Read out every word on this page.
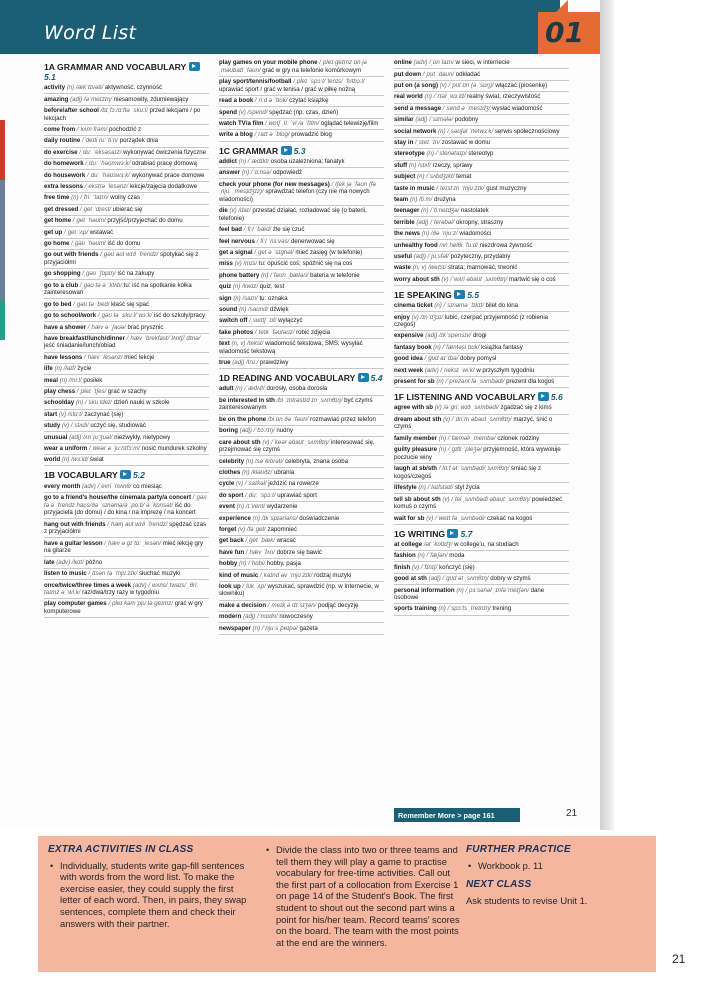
Word List	01
1A GRAMMAR AND VOCABULARY 5.1
activity (n) /ækˈtɪvəti/ aktywność; czynność
amazing (adj) /əˈmeɪzɪŋ/ niesamowity, zdumiewający
before/after school /bɪˌfɔː/ɑːftə ˈskuːl/ przed lekcjami / po lekcjach
come from /ˈkʌm frəm/ pochodzić z
daily routine /ˈdeɪli ruːˈtiːn/ porządek dnia
do exercise /ˌduː ˈeksəsaɪz/ wykonywać ćwiczenia fizyczne
do homework /ˌduː ˈhəʊmwɜːk/ odrabiać pracę domową
do housework /ˌduː ˈhaʊswɜːk/ wykonywać prace domowe
extra lessons /ˌekstrə ˈlesənz/ lekcje/zajęcia dodatkowe
free time (n) /ˌfriː ˈtaɪm/ wolny czas
get dressed /ˌget ˈdrest/ ubierać się
get home /ˌget ˈhəʊm/ przyjść/przyjechać do domu
get up /ˌget ˈʌp/ wstawać
go home /ˌgəʊ ˈhəʊm/ iść do domu
go out with friends /ˌgəʊ aʊt wɪð ˈfrendz/ spotykać się z przyjaciółmi
go shopping /ˌgəʊ ˈʃɒpɪŋ/ iść na zakupy
go to a club /ˌgəʊ tə ə ˈklʌb/ tu: iść na spotkanie kółka zainteresowań
go to bed /ˌgəʊ tə ˈbed/ kłaść się spać
go to school/work /ˌgəʊ tə ˈskuːl/ˈwɜːk/ iść do szkoły/pracy
have a shower /ˌhæv ə ˈʃaʊə/ brać prysznic
have breakfast/lunch/dinner /ˌhæv ˈbrekfəst/ˈlʌntʃ/ˈdɪnə/ jeść śniadanie/lunch/obiad
have lessons /ˌhæv ˈlesənz/ mieć lekcje
life (n) /laɪf/ życie
meal (n) /miːl/ posiłek
play chess /ˌpleɪ ˈtʃes/ grać w szachy
schoolday (n) /ˈskuːldeɪ/ dzień nauki w szkole
start (v) /stɑːt/ zaczynać (się)
study (v) /ˈstʌdi/ uczyć się, studiować
unusual (adj) /ʌnˈjuːʒuəl/ niezwykły, nietypowy
wear a uniform /ˌweər ə ˈjuːnɪfɔːm/ nosić mundurek szkolny
world (n) /wɜːld/ świat
1B VOCABULARY 5.2
every month (adv) /ˌevri ˈmʌnθ/ co miesiąc
go to a friend's house/the cinema/a party/a concert /ˌgəʊ tə ə ˈfrendz haʊs/ðə ˈsɪnəmə/ə ˈpɑːti/ ə ˈkɒnsət/ iść do przyjaciela (do domu) / do kina / na imprezę / na koncert
hang out with friends /ˌhæŋ aʊt wɪð ˈfrendz/ spędzać czas z przyjaciółmi
have a guitar lesson /ˌhæv ə gɪˈtɑː ˌlesən/ mieć lekcję gry na gitarze
late (adv) /leɪt/ późno
listen to music /ˌlɪsən tə ˈmjuːzɪk/ słuchać muzyki
once/twice/three times a week (adv) /ˌwʌns/ˌtwaɪs/ ˌθriː taɪmz ə ˈwiːk/ raz/dwa/trzy razy w tygodniu
play computer games /ˌpleɪ kəmˈpjuːtə geɪmz/ grać w gry komputerowe
play games on your mobile phone /ˌpleɪ geɪmz ɒn jə ˌməʊbaɪl ˈfəʊn/ grać w gry na telefonie komórkowym
play sport/tennis/football /ˌpleɪ ˈspɔːt/ˈtenɪs/ ˈfʊtbɔːl/ uprawiać sport / grać w tenisa / grać w piłkę nożną
read a book /ˌriːd ə ˈbʊk/ czytać książkę
spend (v) /spend/ spędzać (np. czas, dzień)
watch TV/a film /ˌwɒtʃ ˌtiː ˈviː/ə ˈfɪlm/ oglądać telewizję/film
write a blog /ˌraɪt ə ˈblɒg/ prowadzić blog
1C GRAMMAR 5.3
addict (n) /ˈædɪkt/ osoba uzależniona; fanatyk
answer (n) /ˈɑːnsə/ odpowiedź
check your phone (for new messages) /ˌtʃek jə ˈfəʊn (fə ˌnjuː ˈmesɪdʒɪz)/ sprawdzać telefon (czy nie ma nowych wiadomości)
die (v) /daɪ/ przestać działać, rozładować się (o baterii, telefonie)
feel bad /ˌfiːl ˈbæd/ źle się czuć
feel nervous /ˌfiːl ˈnɜːvəs/ denerwować się
get a signal /ˌget ə ˈsɪgnəl/ mieć zasięg (w telefonie)
miss (v) /mɪs/ tu: opuścić coś; spóźnić się na coś
phone battery (n) /ˈfəʊn ˌbætəri/ bateria w telefonie
quiz (n) /kwɪz/ quiz, test
sign (n) /saɪn/ tu: oznaka
sound (n) /saʊnd/ dźwięk
switch off /ˌswɪtʃ ˈɒf/ wyłączyć
take photos /ˌteɪk ˈfəʊtəʊz/ robić zdjęcia
text (n, v) /tekst/ wiadomość tekstowa, SMS; wysyłać wiadomość tekstową
true (adj) /truː/ prawdziwy
1D READING AND VOCABULARY 5.4
adult (n) /ˈædʌlt/ dorosły, osoba dorosła
be interested in sth /bi ˈɪntrəstɪd ɪn ˌsʌmθɪŋ/ być czymś zainteresowanym
be on the phone /bi ɒn ðə ˈfəʊn/ rozmawiać przez telefon
boring (adj) /ˈbɔːrɪŋ/ nudny
care about sth (v) /ˈkeər əbaʊt ˌsʌmθɪŋ/ interesować się, przejmować się czymś
celebrity (n) /səˈlebrəti/ celebryta, znana osoba
clothes (n) /kləʊðz/ ubrania
cycle (v) /ˈsaɪkəl/ jeździć na rowerze
do sport /ˌduː ˈspɔːt/ uprawiać sport
event (n) /ɪˈvent/ wydarzenie
experience (n) /ɪkˈspɪəriəns/ doświadczenie
forget (v) /fəˈget/ zapomnieć
get back /ˌget ˈbæk/ wracać
have fun /ˌhæv ˈfʌn/ dobrze się bawić
hobby (n) /ˈhɒbi/ hobby, pasja
kind of music /ˌkaɪnd əv ˈmjuːzɪk/ rodzaj muzyki
look up /ˌlʊk ˈʌp/ wyszukać, sprawdzić (np. w Internecie, w słowniku)
make a decision /ˌmeɪk ə dɪˈsɪʒən/ podjąć decyzję
modern (adj) /ˈmɒdn/ nowoczesny
newspaper (n) /ˈnjuːsˌpeɪpə/ gazeta
online (adv) /ˌɒnˈlaɪn/ w sieci, w internecie
put down /ˌpʊt ˈdaʊn/ odkładać
put on (a song) (v) /ˌpʊt ɒn (ə ˈsɒŋ)/ włączać (piosenkę)
real world (n) /ˈrɪəl ˌwɜːld/ realny świat, rzeczywistość
send a message /ˌsend ə ˈmesɪdʒ/ wysłać wiadomość
similar (adj) /ˈsɪmələ/ podobny
social network (n) /ˌsəʊʃəl ˈnetwɜːk/ serwis społecznościowy
stay in /ˌsteɪ ˈɪn/ zostawać w domu
stereotype (n) /ˈsteriətaɪp/ stereotyp
stuff (n) /stʌf/ rzeczy, sprawy
subject (n) /ˈsʌbdʒɪkt/ temat
taste in music /ˌteɪst ɪn ˈmjuːzɪk/ gust muzyczny
team (n) /tiːm/ drużyna
teenager (n) /ˈtiːneɪdʒə/ nastolatek
terrible (adj) /ˈterəbəl/ okropny, straszny
the news (n) /ðə ˈnjuːz/ wiadomości
unhealthy food /ʌnˌhelθi ˈfuːd/ niezdrowa żywność
useful (adj) /ˈjuːsfəl/ pożyteczny, przydatny
waste (n, v) /weɪst/ strata; marnować, trwonić
worry about sth (v) /ˈwʌri əbaʊt ˌsʌmθɪŋ/ martwić się o coś
1E SPEAKING 5.5
cinema ticket (n) /ˈsɪnəmə ˌtɪkɪt/ bilet do kina
enjoy (v) /ɪnˈdʒɔɪ/ lubić, czerpać przyjemność (z robienia czegoś)
expensive (adj) /ɪkˈspensɪv/ drogi
fantasy book (n) /ˈfæntəsi bʊk/ książka fantasy
good idea /ˌgʊd aɪˈdɪə/ dobry pomysł
next week (adv) /ˌnekst ˈwiːk/ w przyszłym tygodniu
present for sb (n) /ˈprezənt fə ˌsʌmbədi/ prezent dla kogoś
1F LISTENING AND VOCABULARY 5.6
agree with sb (v) /əˈgriː wɪð ˌsʌmbədi/ zgadzać się z kimś
dream about sth (v) /ˈdriːm əbaʊt ˌsʌmθɪŋ/ marzyć, śnić o czymś
family member (n) /ˈfæməli ˌmembə/ członek rodziny
guilty pleasure (n) /ˌgɪlti ˈpleʒə/ przyjemność, która wywołuje poczucie winy
laugh at sb/sth /ˈlɑːf ət ˈsʌmbədi/ˌsʌmθɪŋ/ śmiać się z kogoś/czegoś
lifestyle (n) /ˈlaɪfstaɪl/ styl życia
tell sb about sth (v) /ˌtel ˌsʌmbədi əbaʊt ˌsʌmθɪŋ/ powiedzieć komuś o czymś
wait for sb (v) /ˈweɪt fə ˌsʌmbədi/ czekać na kogoś
1G WRITING 5.7
at college /ət ˈkɒlɪdʒ/ w college'u, na studiach
fashion (n) /ˈfæʃən/ moda
finish (v) /ˈfɪnɪʃ/ kończyć (się)
good at sth (adj) /ˈgʊd ət ˌsʌmθɪŋ/ dobry w czymś
personal information (n) /ˌpɜːsənəl ˌɪnfəˈmeɪʃən/ dane osobowe
sports training (n) /ˈspɔːts ˌtreɪnɪŋ/ trening
Remember More > page 161	21
EXTRA ACTIVITIES IN CLASS
• Individually, students write gap-fill sentences with words from the word list. To make the exercise easier, they could supply the first letter of each word. Then, in pairs, they swap sentences, complete them and check their answers with their partner.
• Divide the class into two or three teams and tell them they will play a game to practise vocabulary for free-time activities. Call out the first part of a collocation from Exercise 1 on page 14 of the Student's Book. The first student to shout out the second part wins a point for his/her team. Record teams' scores on the board. The team with the most points at the end are the winners.
FURTHER PRACTICE
• Workbook p. 11
NEXT CLASS
Ask students to revise Unit 1.
21
